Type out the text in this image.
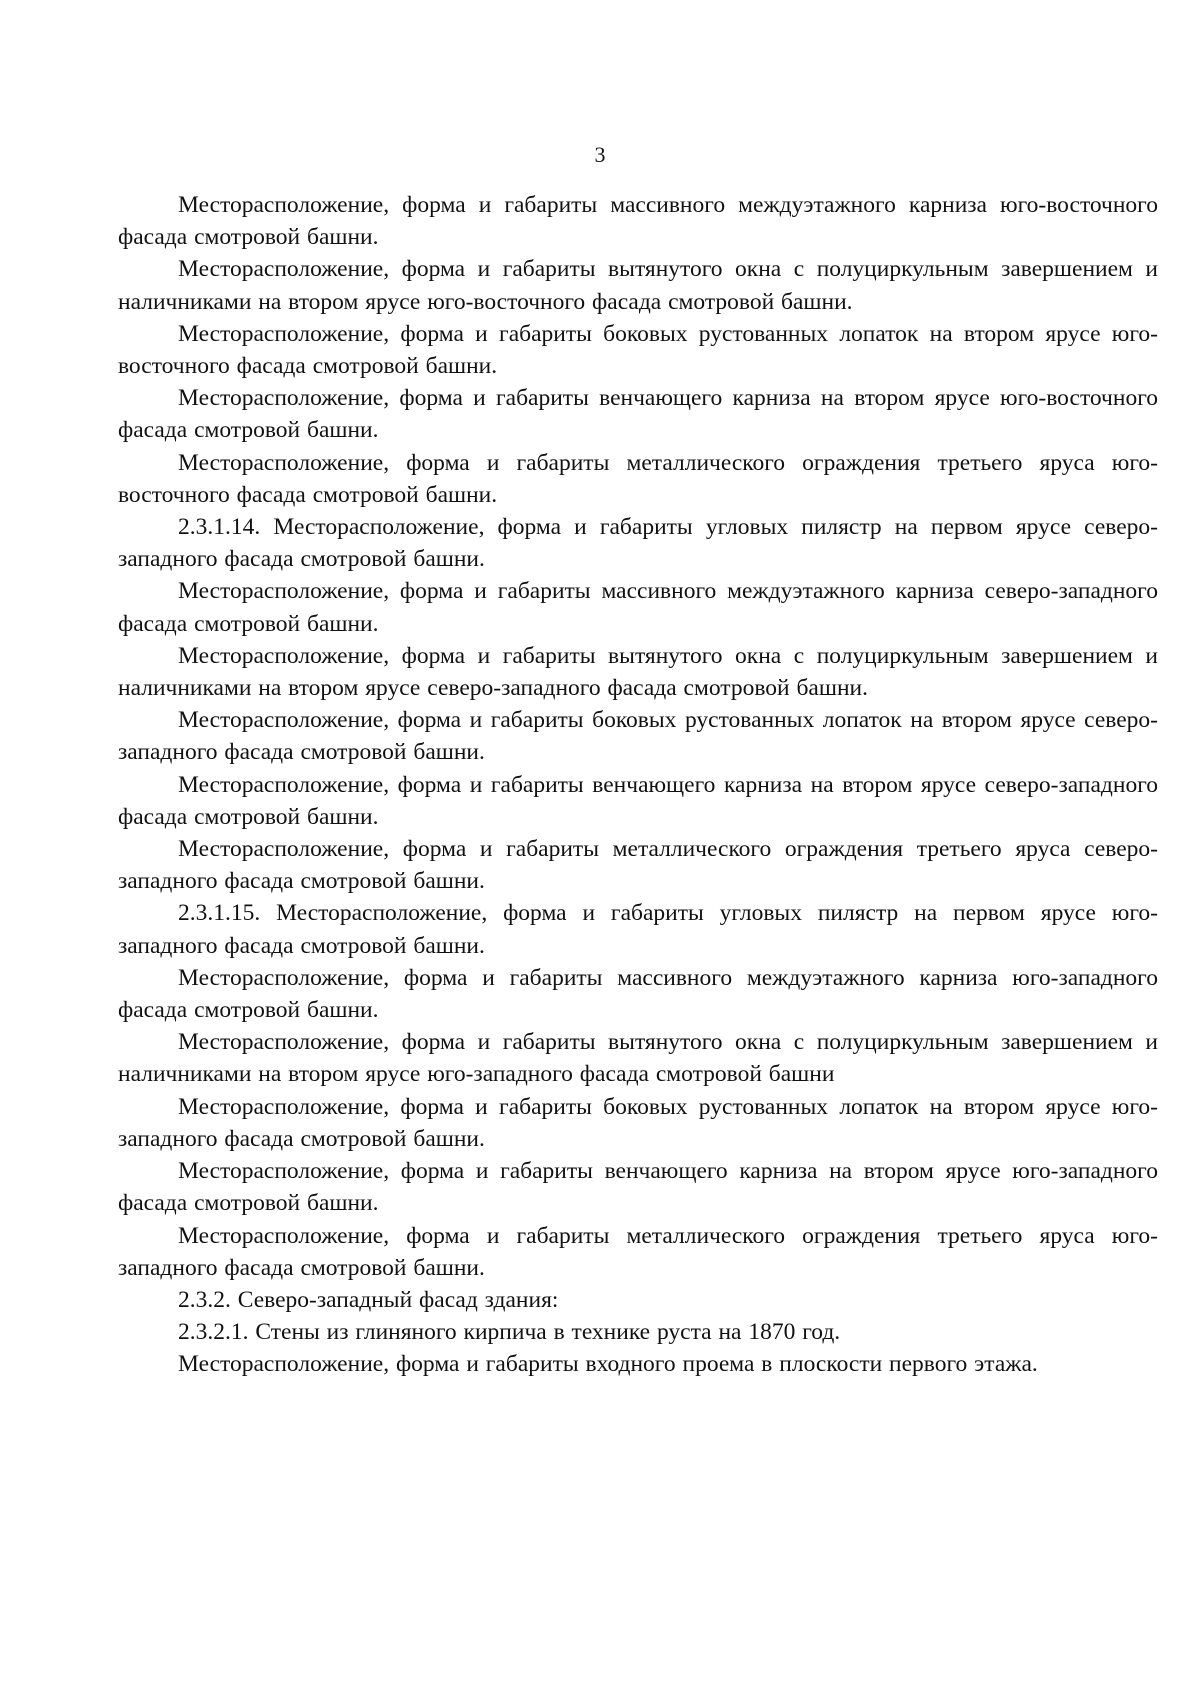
3

Месторасположение, форма и габариты массивного междуэтажного карниза юго-восточного фасада смотровой башни.

Месторасположение, форма и габариты вытянутого окна с полуциркульным завершением и наличниками на втором ярусе юго-восточного фасада смотровой башни.

Месторасположение, форма и габариты боковых рустованных лопаток на втором ярусе юго-восточного фасада смотровой башни.

Месторасположение, форма и габариты венчающего карниза на втором ярусе юго-восточного фасада смотровой башни.

Месторасположение, форма и габариты металлического ограждения третьего яруса юго-восточного фасада смотровой башни.

2.3.1.14. Месторасположение, форма и габариты угловых пилястр на первом ярусе северо-западного фасада смотровой башни.

Месторасположение, форма и габариты массивного междуэтажного карниза северо-западного фасада смотровой башни.

Месторасположение, форма и габариты вытянутого окна с полуциркульным завершением и наличниками на втором ярусе северо-западного фасада смотровой башни.

Месторасположение, форма и габариты боковых рустованных лопаток на втором ярусе северо-западного фасада смотровой башни.

Месторасположение, форма и габариты венчающего карниза на втором ярусе северо-западного фасада смотровой башни.

Месторасположение, форма и габариты металлического ограждения третьего яруса северо-западного фасада смотровой башни.

2.3.1.15. Месторасположение, форма и габариты угловых пилястр на первом ярусе юго-западного фасада смотровой башни.

Месторасположение, форма и габариты массивного междуэтажного карниза юго-западного фасада смотровой башни.

Месторасположение, форма и габариты вытянутого окна с полуциркульным завершением и наличниками на втором ярусе юго-западного фасада смотровой башни

Месторасположение, форма и габариты боковых рустованных лопаток на втором ярусе юго-западного фасада смотровой башни.

Месторасположение, форма и габариты венчающего карниза на втором ярусе юго-западного фасада смотровой башни.

Месторасположение, форма и габариты металлического ограждения третьего яруса юго-западного фасада смотровой башни.

2.3.2. Северо-западный фасад здания:

2.3.2.1. Стены из глиняного кирпича в технике руста на 1870 год.

Месторасположение, форма и габариты входного проема в плоскости первого этажа.
